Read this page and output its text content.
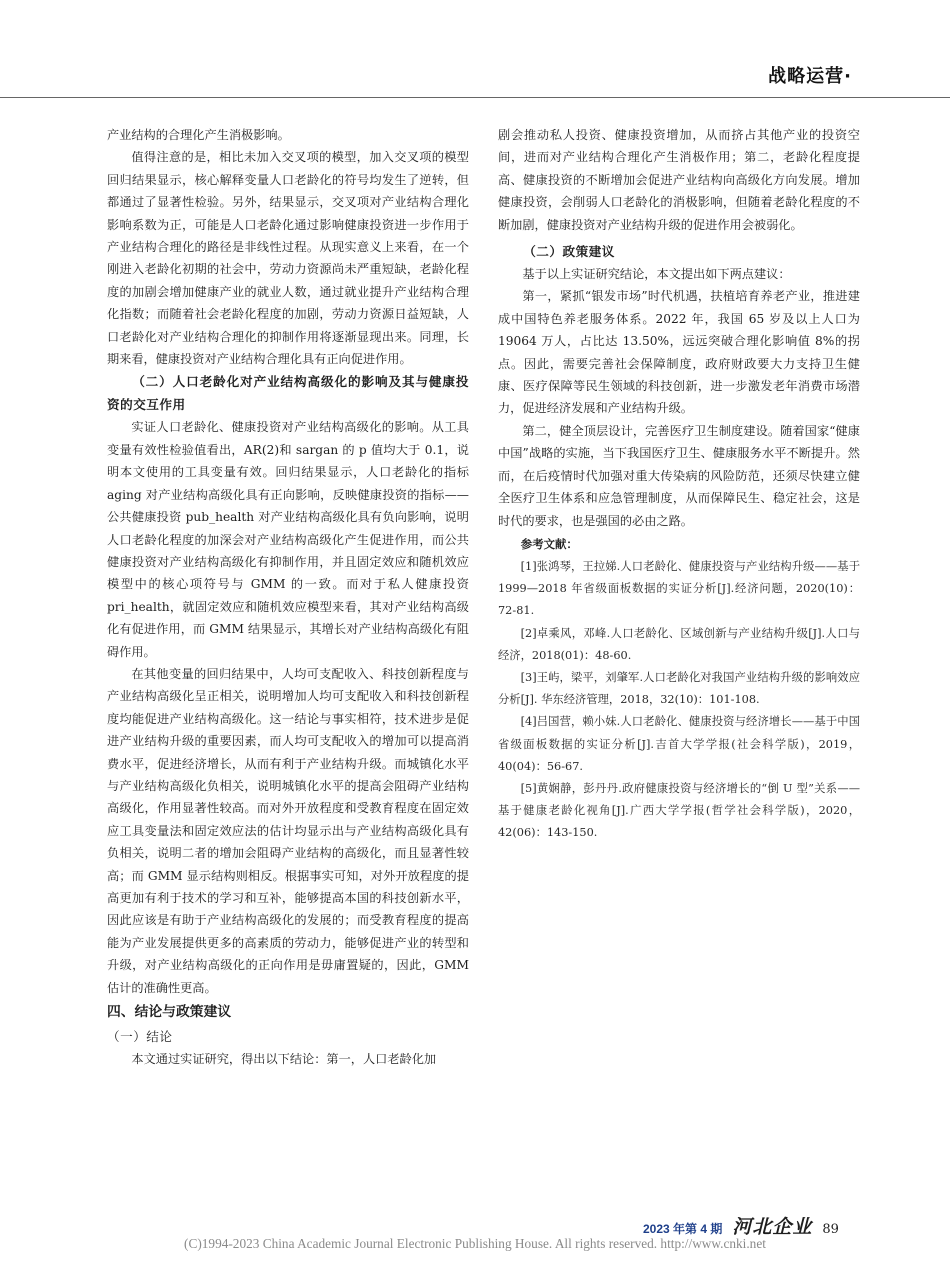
战略运营·

产业结构的合理化产生消极影响。

值得注意的是，相比未加入交叉项的模型，加入交叉项的模型回归结果显示，核心解释变量人口老龄化的符号均发生了逆转，但都通过了显著性检验。另外，结果显示，交叉项对产业结构合理化影响系数为正，可能是人口老龄化通过影响健康投资进一步作用于产业结构合理化的路径是非线性过程。从现实意义上来看，在一个刚进入老龄化初期的社会中，劳动力资源尚未严重短缺，老龄化程度的加剧会增加健康产业的就业人数，通过就业提升产业结构合理化指数；而随着社会老龄化程度的加剧，劳动力资源日益短缺，人口老龄化对产业结构合理化的抑制作用将逐渐显现出来。同理，长期来看，健康投资对产业结构合理化具有正向促进作用。

（二）人口老龄化对产业结构高级化的影响及其与健康投资的交互作用

实证人口老龄化、健康投资对产业结构高级化的影响。从工具变量有效性检验值看出，AR(2)和 sargan 的 p 值均大于 0.1，说明本文使用的工具变量有效。回归结果显示，人口老龄化的指标 aging 对产业结构高级化具有正向影响，反映健康投资的指标——公共健康投资 pub_health 对产业结构高级化具有负向影响，说明人口老龄化程度的加深会对产业结构高级化产生促进作用，而公共健康投资对产业结构高级化有抑制作用，并且固定效应和随机效应模型中的核心项符号与 GMM 的一致。而对于私人健康投资 pri_health，就固定效应和随机效应模型来看，其对产业结构高级化有促进作用，而 GMM 结果显示，其增长对产业结构高级化有阻碍作用。

在其他变量的回归结果中，人均可支配收入、科技创新程度与产业结构高级化呈正相关，说明增加人均可支配收入和科技创新程度均能促进产业结构高级化。这一结论与事实相符，技术进步是促进产业结构升级的重要因素，而人均可支配收入的增加可以提高消费水平，促进经济增长，从而有利于产业结构升级。而城镇化水平与产业结构高级化负相关，说明城镇化水平的提高会阻碍产业结构高级化，作用显著性较高。而对外开放程度和受教育程度在固定效应工具变量法和固定效应法的估计均显示出与产业结构高级化具有负相关，说明二者的增加会阻碍产业结构的高级化，而且显著性较高；而 GMM 显示结构则相反。根据事实可知，对外开放程度的提高更加有利于技术的学习和互补，能够提高本国的科技创新水平，因此应该是有助于产业结构高级化的发展的；而受教育程度的提高能为产业发展提供更多的高素质的劳动力，能够促进产业的转型和升级，对产业结构高级化的正向作用是毋庸置疑的，因此，GMM 估计的准确性更高。

四、结论与政策建议

（一）结论

本文通过实证研究，得出以下结论：第一，人口老龄化加

剧会推动私人投资、健康投资增加，从而挤占其他产业的投资空间，进而对产业结构合理化产生消极作用；第二，老龄化程度提高、健康投资的不断增加会促进产业结构向高级化方向发展。增加健康投资，会削弱人口老龄化的消极影响，但随着老龄化程度的不断加剧，健康投资对产业结构升级的促进作用会被弱化。

（二）政策建议

基于以上实证研究结论，本文提出如下两点建议：

第一，紧抓“银发市场”时代机遇，扶植培育养老产业，推进建成中国特色养老服务体系。2022 年，我国 65 岁及以上人口为 19064 万人，占比达 13.50%，远远突破合理化影响值 8%的拐点。因此，需要完善社会保障制度，政府财政要大力支持卫生健康、医疗保障等民生领域的科技创新，进一步激发老年消费市场潜力，促进经济发展和产业结构升级。

第二，健全顶层设计，完善医疗卫生制度建设。随着国家“健康中国”战略的实施，当下我国医疗卫生、健康服务水平不断提升。然而，在后疫情时代加强对重大传染病的风险防范，还须尽快建立健全医疗卫生体系和应急管理制度，从而保障民生、稳定社会，这是时代的要求，也是强国的必由之路。

参考文献：

[1]张鸿琴，王拉娣.人口老龄化、健康投资与产业结构升级——基于 1999—2018 年省级面板数据的实证分析[J].经济问题，2020(10)：72-81.

[2]卓乘风，邓峰.人口老龄化、区域创新与产业结构升级[J].人口与经济，2018(01)：48-60.

[3]王屿，梁平，刘肇军.人口老龄化对我国产业结构升级的影响效应分析[J]. 华东经济管理，2018，32(10)：101-108.

[4]吕国营，赖小妹.人口老龄化、健康投资与经济增长——基于中国省级面板数据的实证分析[J].吉首大学学报(社会科学版)，2019，40(04)：56-67.

[5]黄娴静，彭丹丹.政府健康投资与经济增长的“倒 U 型”关系——基于健康老龄化视角[J].广西大学学报(哲学社会科学版)，2020，42(06)：143-150.

2023 年第 4 期 河北企业 89
(C)1994-2023 China Academic Journal Electronic Publishing House. All rights reserved. http://www.cnki.net
